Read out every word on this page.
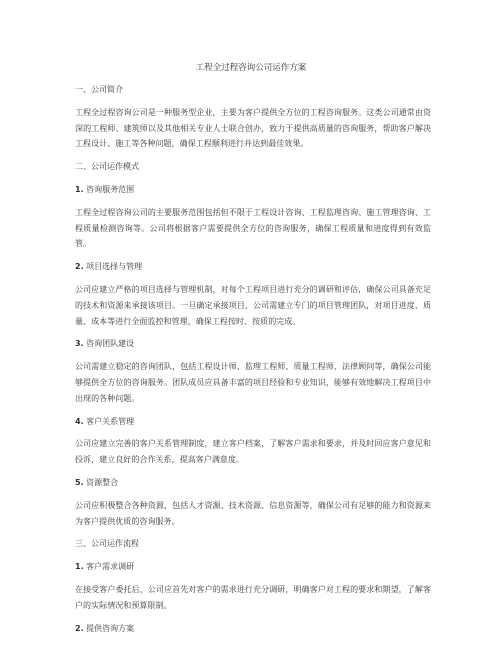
工程全过程咨询公司运作方案
一、公司简介
工程全过程咨询公司是一种服务型企业，主要为客户提供全方位的工程咨询服务。这类公司通常由资深的工程师、建筑师以及其他相关专业人士联合创办，致力于提供高质量的咨询服务，帮助客户解决工程设计、施工等各种问题，确保工程顺利进行并达到最佳效果。
二、公司运作模式
1. 咨询服务范围
工程全过程咨询公司的主要服务范围包括但不限于工程设计咨询、工程监理咨询、施工管理咨询、工程质量检测咨询等。公司将根据客户需要提供全方位的咨询服务，确保工程质量和进度得到有效监管。
2. 项目选择与管理
公司应建立严格的项目选择与管理机制，对每个工程项目进行充分的调研和评估，确保公司具备充足的技术和资源来承接该项目。一旦确定承接项目，公司需建立专门的项目管理团队，对项目进度、质量、成本等进行全面监控和管理，确保工程按时、按质的完成。
3. 咨询团队建设
公司需建立稳定的咨询团队，包括工程设计师、监理工程师、质量工程师、法律顾问等，确保公司能够提供全方位的咨询服务。团队成员应具备丰富的项目经验和专业知识，能够有效地解决工程项目中出现的各种问题。
4. 客户关系管理
公司应建立完善的客户关系管理制度，建立客户档案，了解客户需求和要求，并及时回应客户意见和投诉，建立良好的合作关系，提高客户满意度。
5. 资源整合
公司应积极整合各种资源，包括人才资源、技术资源、信息资源等，确保公司有足够的能力和资源来为客户提供优质的咨询服务。
三、公司运作流程
1. 客户需求调研
在接受客户委托后，公司应首先对客户的需求进行充分调研，明确客户对工程的要求和期望，了解客户的实际情况和预算限制。
2. 提供咨询方案
